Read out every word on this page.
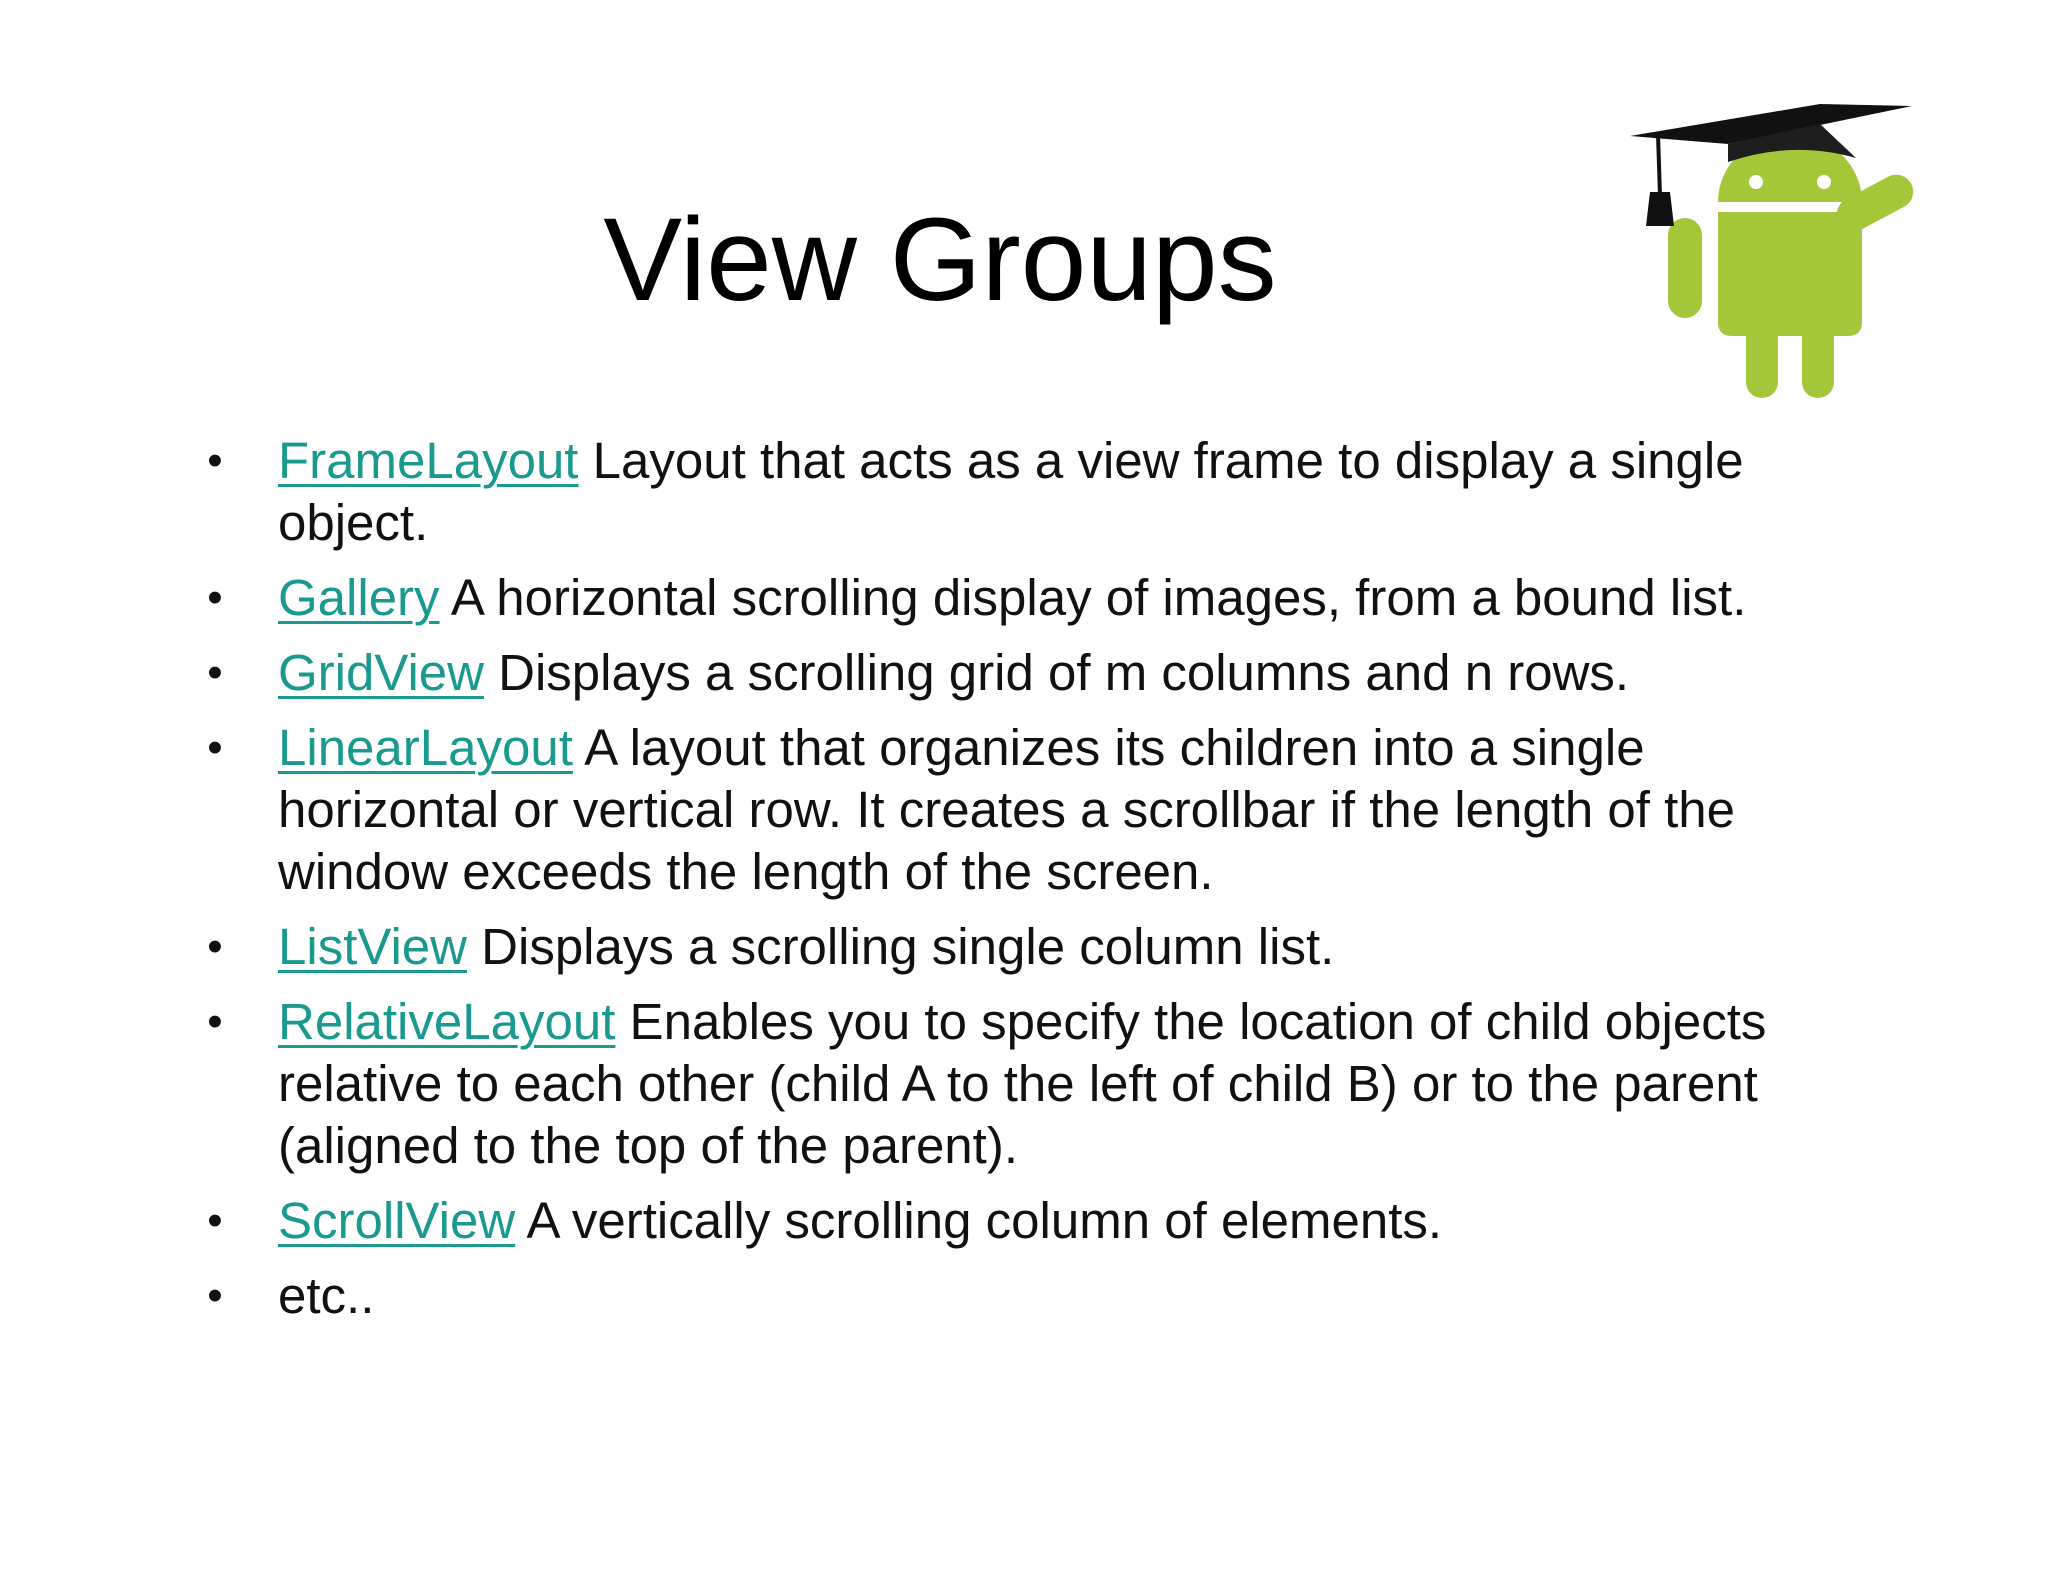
View Groups
• FrameLayout Layout that acts as a view frame to display a single object.
• Gallery A horizontal scrolling display of images, from a bound list.
• GridView Displays a scrolling grid of m columns and n rows.
• LinearLayout A layout that organizes its children into a single horizontal or vertical row. It creates a scrollbar if the length of the window exceeds the length of the screen.
• ListView Displays a scrolling single column list.
• RelativeLayout Enables you to specify the location of child objects relative to each other (child A to the left of child B) or to the parent (aligned to the top of the parent).
• ScrollView A vertically scrolling column of elements.
• etc..
